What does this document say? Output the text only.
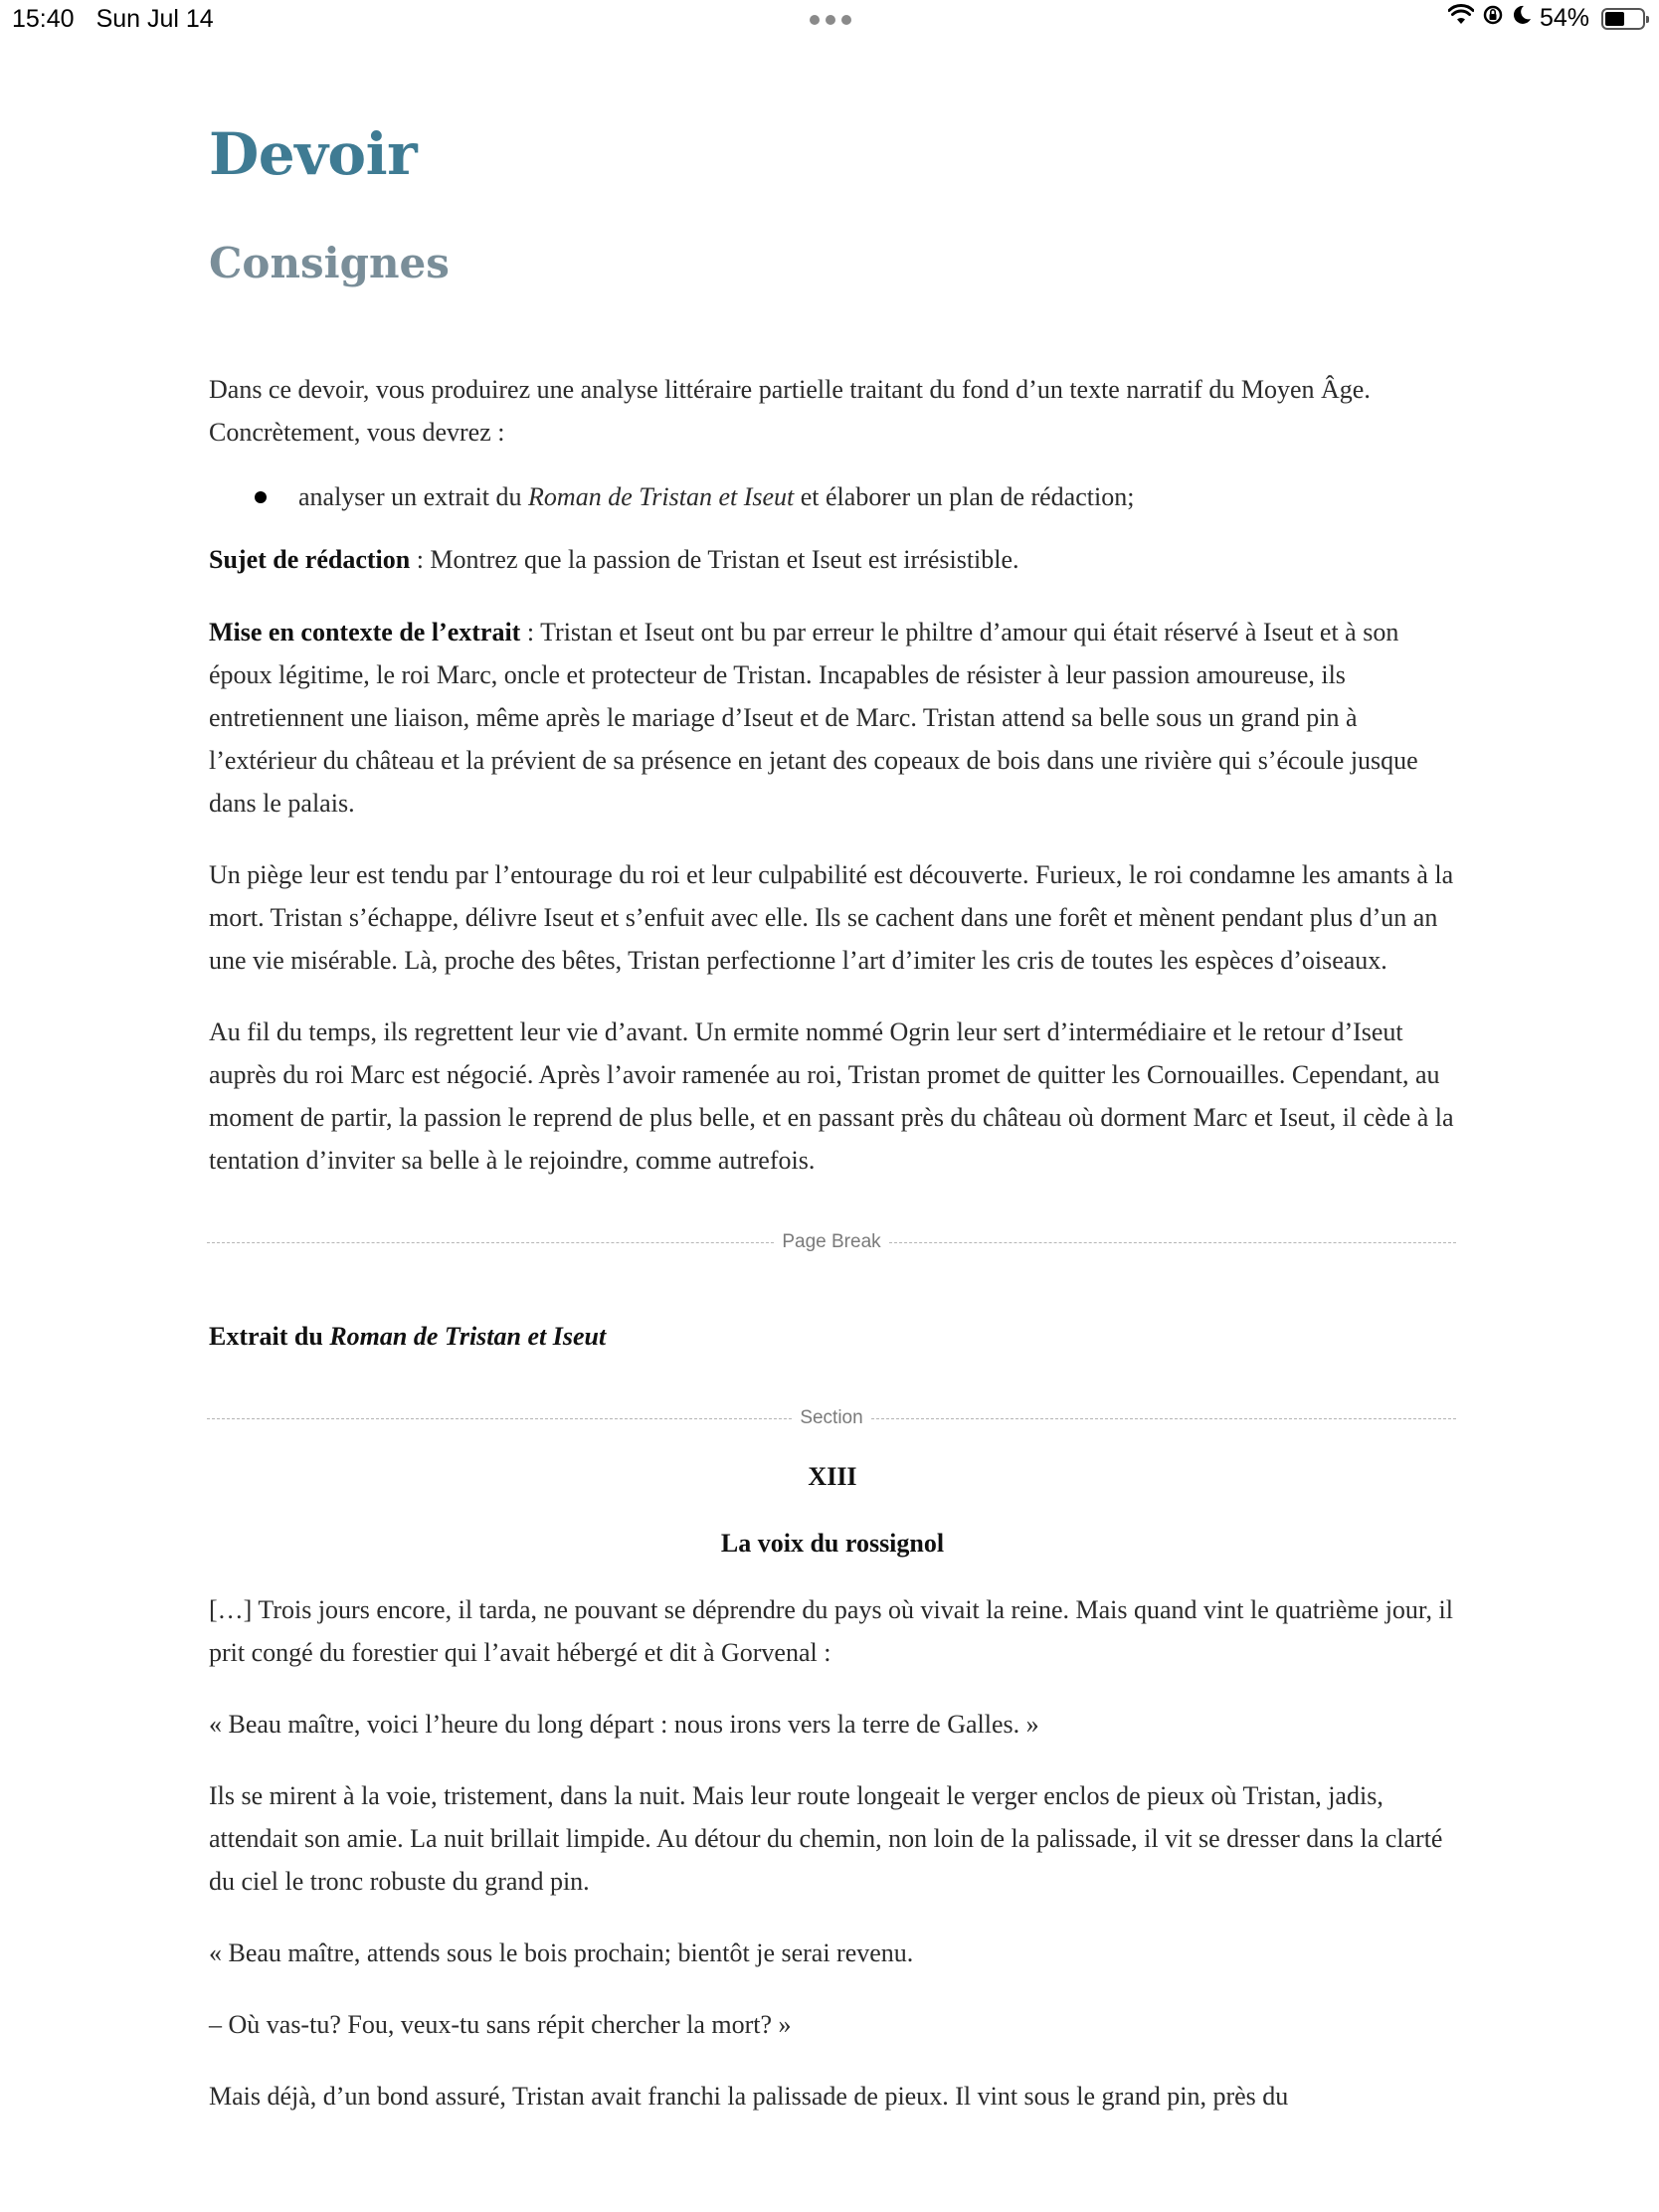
15:40 Sun Jul 14	54%
Devoir
Consignes

Dans ce devoir, vous produirez une analyse littéraire partielle traitant du fond d’un texte narratif du Moyen Âge. Concrètement, vous devrez :

analyser un extrait du Roman de Tristan et Iseut et élaborer un plan de rédaction;

Sujet de rédaction : Montrez que la passion de Tristan et Iseut est irrésistible.

Mise en contexte de l’extrait : Tristan et Iseut ont bu par erreur le philtre d’amour qui était réservé à Iseut et à son époux légitime, le roi Marc, oncle et protecteur de Tristan. Incapables de résister à leur passion amoureuse, ils entretiennent une liaison, même après le mariage d’Iseut et de Marc. Tristan attend sa belle sous un grand pin à l’extérieur du château et la prévient de sa présence en jetant des copeaux de bois dans une rivière qui s’écoule jusque dans le palais.

Un piège leur est tendu par l’entourage du roi et leur culpabilité est découverte. Furieux, le roi condamne les amants à la mort. Tristan s’échappe, délivre Iseut et s’enfuit avec elle. Ils se cachent dans une forêt et mènent pendant plus d’un an une vie misérable. Là, proche des bêtes, Tristan perfectionne l’art d’imiter les cris de toutes les espèces d’oiseaux.

Au fil du temps, ils regrettent leur vie d’avant. Un ermite nommé Ogrin leur sert d’intermédiaire et le retour d’Iseut auprès du roi Marc est négocié. Après l’avoir ramenée au roi, Tristan promet de quitter les Cornouailles. Cependant, au moment de partir, la passion le reprend de plus belle, et en passant près du château où dorment Marc et Iseut, il cède à la tentation d’inviter sa belle à le rejoindre, comme autrefois.

Page Break
Extrait du Roman de Tristan et Iseut
Section
XIII
La voix du rossignol

[…] Trois jours encore, il tarda, ne pouvant se déprendre du pays où vivait la reine. Mais quand vint le quatrième jour, il prit congé du forestier qui l’avait hébergé et dit à Gorvenal :

« Beau maître, voici l’heure du long départ : nous irons vers la terre de Galles. »

Ils se mirent à la voie, tristement, dans la nuit. Mais leur route longeait le verger enclos de pieux où Tristan, jadis, attendait son amie. La nuit brillait limpide. Au détour du chemin, non loin de la palissade, il vit se dresser dans la clarté du ciel le tronc robuste du grand pin.

« Beau maître, attends sous le bois prochain; bientôt je serai revenu.

– Où vas-tu? Fou, veux-tu sans répit chercher la mort? »

Mais déjà, d’un bond assuré, Tristan avait franchi la palissade de pieux. Il vint sous le grand pin, près du
